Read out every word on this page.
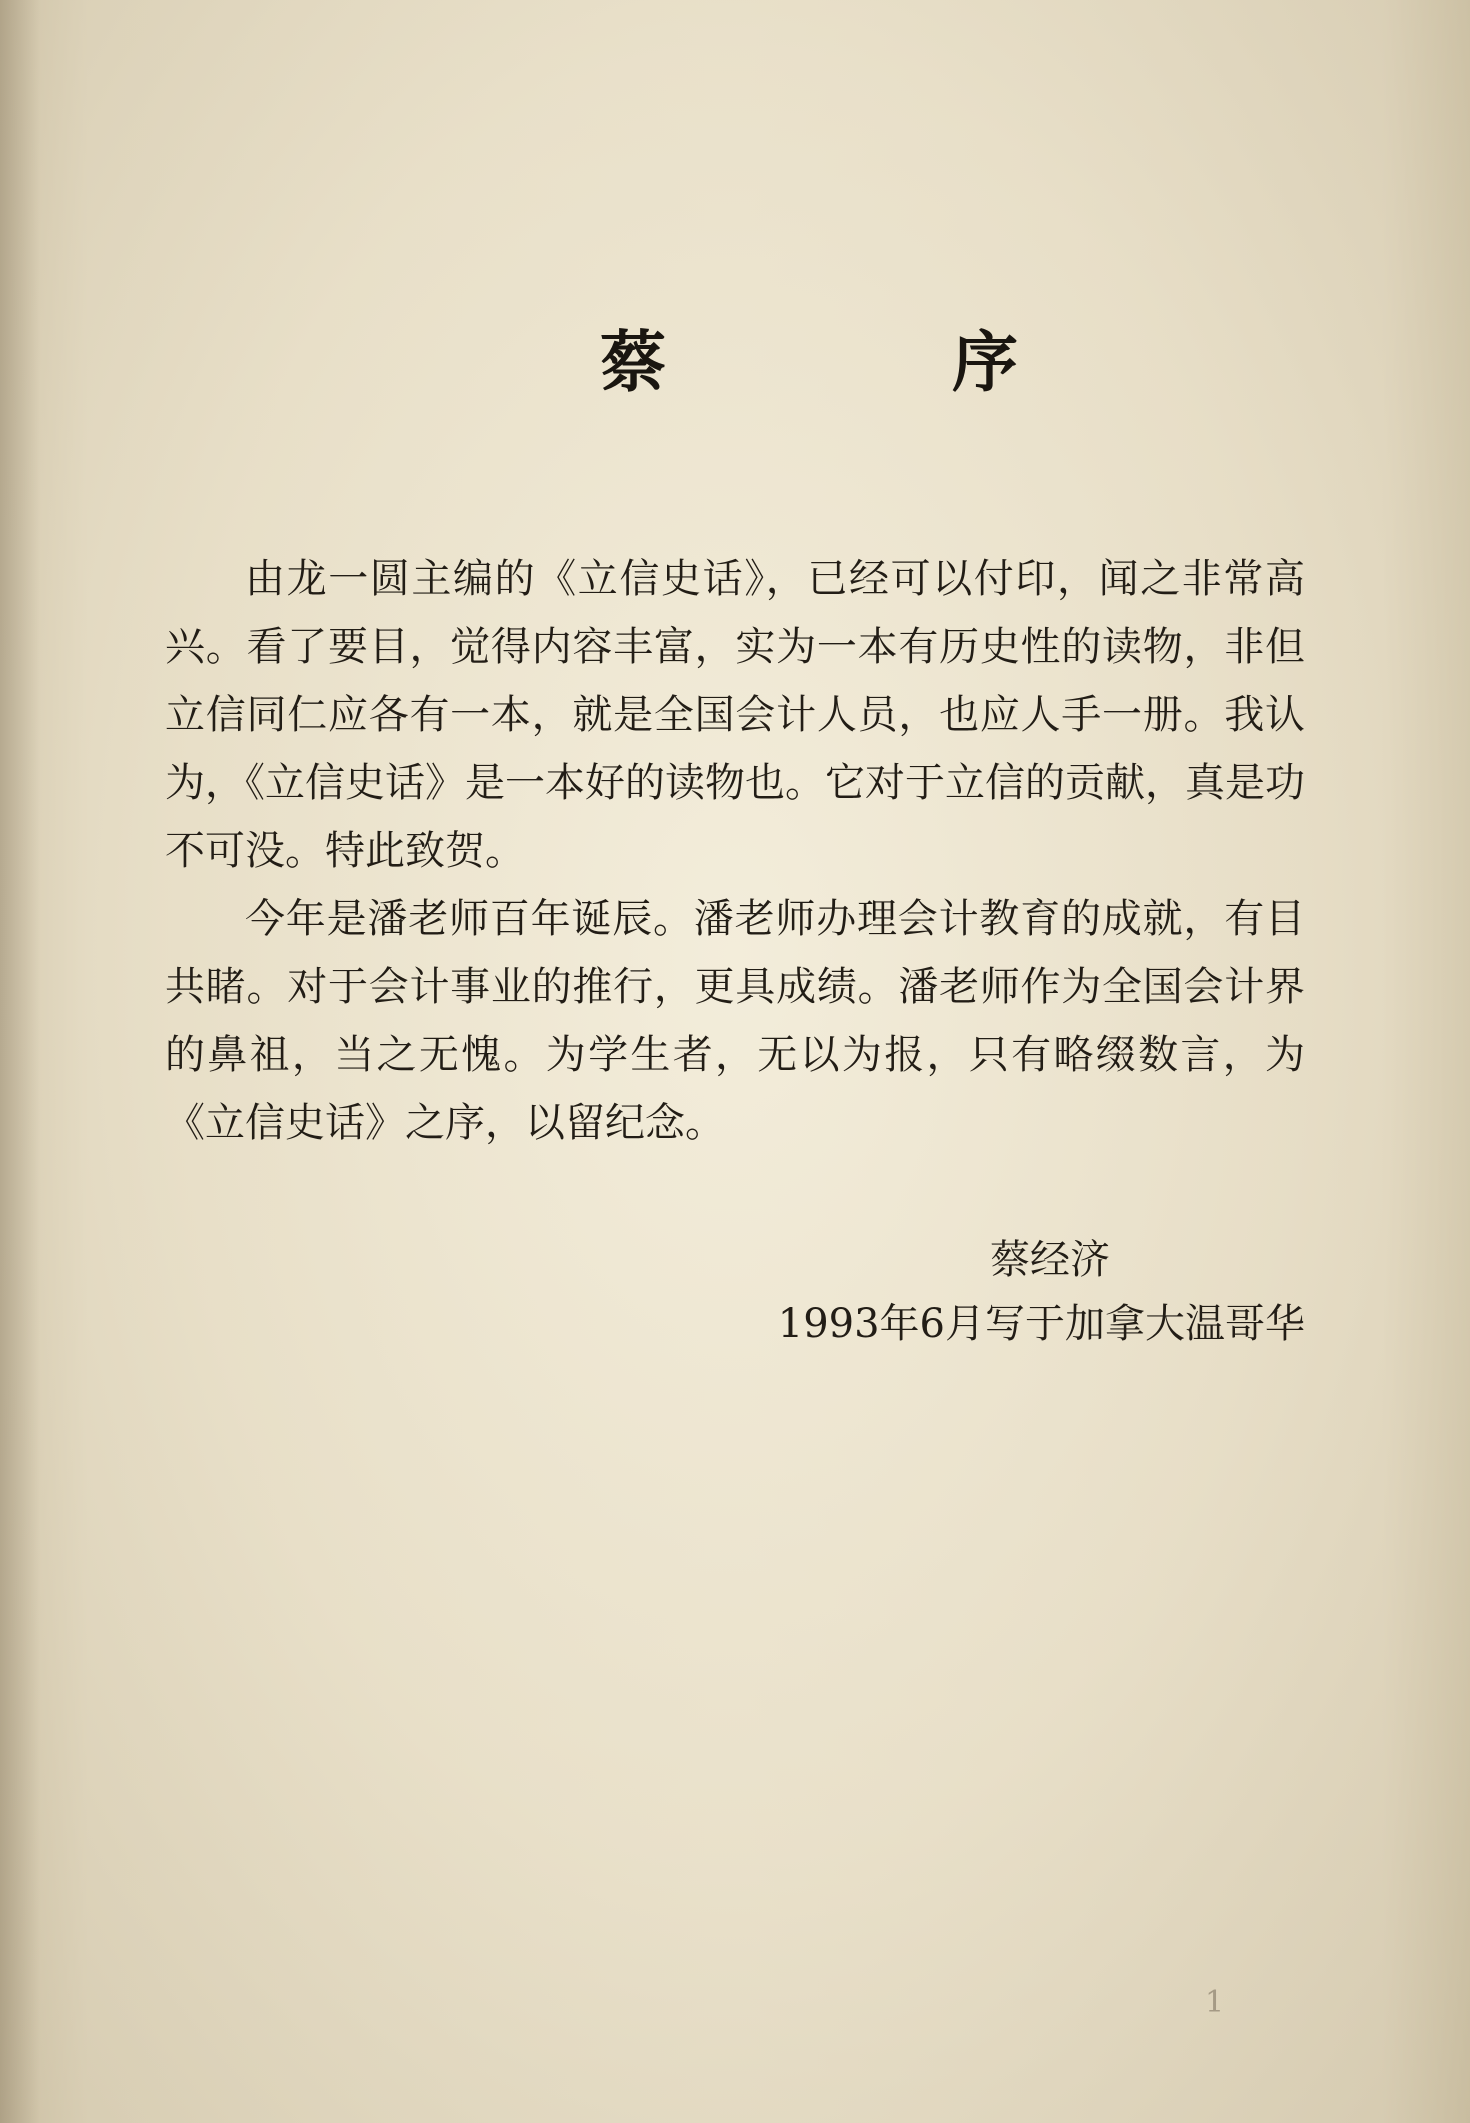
蔡　序

由龙一圆主编的《立信史话》，已经可以付印，闻之非常高兴。看了要目，觉得内容丰富，实为一本有历史性的读物，非但立信同仁应各有一本，就是全国会计人员，也应人手一册。我认为，《立信史话》是一本好的读物也。它对于立信的贡献，真是功不可没。特此致贺。

今年是潘老师百年诞辰。潘老师办理会计教育的成就，有目共睹。对于会计事业的推行，更具成绩。潘老师作为全国会计界的鼻祖，当之无愧。为学生者，无以为报，只有略缀数言，为《立信史话》之序，以留纪念。

蔡经济
1993年6月写于加拿大温哥华
1
